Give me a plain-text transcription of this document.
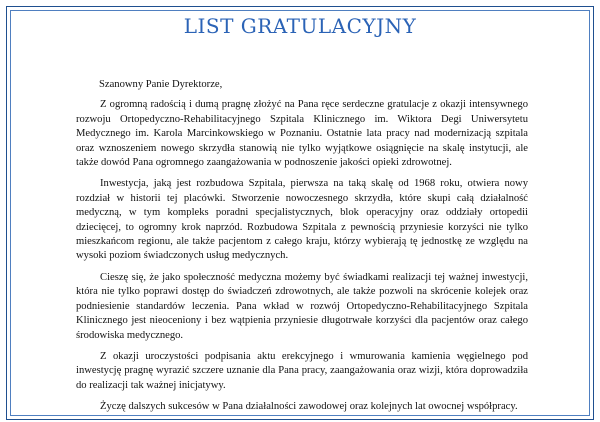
LIST GRATULACYJNY
Szanowny Panie Dyrektorze,

Z ogromną radością i dumą pragnę złożyć na Pana ręce serdeczne gratulacje z okazji intensywnego rozwoju Ortopedyczno-Rehabilitacyjnego Szpitala Klinicznego im. Wiktora Degi Uniwersytetu Medycznego im. Karola Marcinkowskiego w Poznaniu. Ostatnie lata pracy nad modernizacją szpitala oraz wznoszeniem nowego skrzydła stanowią nie tylko wyjątkowe osiągnięcie na skalę instytucji, ale także dowód Pana ogromnego zaangażowania w podnoszenie jakości opieki zdrowotnej.

Inwestycja, jaką jest rozbudowa Szpitala, pierwsza na taką skalę od 1968 roku, otwiera nowy rozdział w historii tej placówki. Stworzenie nowoczesnego skrzydła, które skupi całą działalność medyczną, w tym kompleks poradni specjalistycznych, blok operacyjny oraz oddziały ortopedii dziecięcej, to ogromny krok naprzód. Rozbudowa Szpitala z pewnością przyniesie korzyści nie tylko mieszkańcom regionu, ale także pacjentom z całego kraju, którzy wybierają tę jednostkę ze względu na wysoki poziom świadczonych usług medycznych.

Cieszę się, że jako społeczność medyczna możemy być świadkami realizacji tej ważnej inwestycji, która nie tylko poprawi dostęp do świadczeń zdrowotnych, ale także pozwoli na skrócenie kolejek oraz podniesienie standardów leczenia. Pana wkład w rozwój Ortopedyczno-Rehabilitacyjnego Szpitala Klinicznego jest nieoceniony i bez wątpienia przyniesie długotrwałe korzyści dla pacjentów oraz całego środowiska medycznego.

Z okazji uroczystości podpisania aktu erekcyjnego i wmurowania kamienia węgielnego pod inwestycję pragnę wyrazić szczere uznanie dla Pana pracy, zaangażowania oraz wizji, która doprowadziła do realizacji tak ważnej inicjatywy.

Życzę dalszych sukcesów w Pana działalności zawodowej oraz kolejnych lat owocnej współpracy.
